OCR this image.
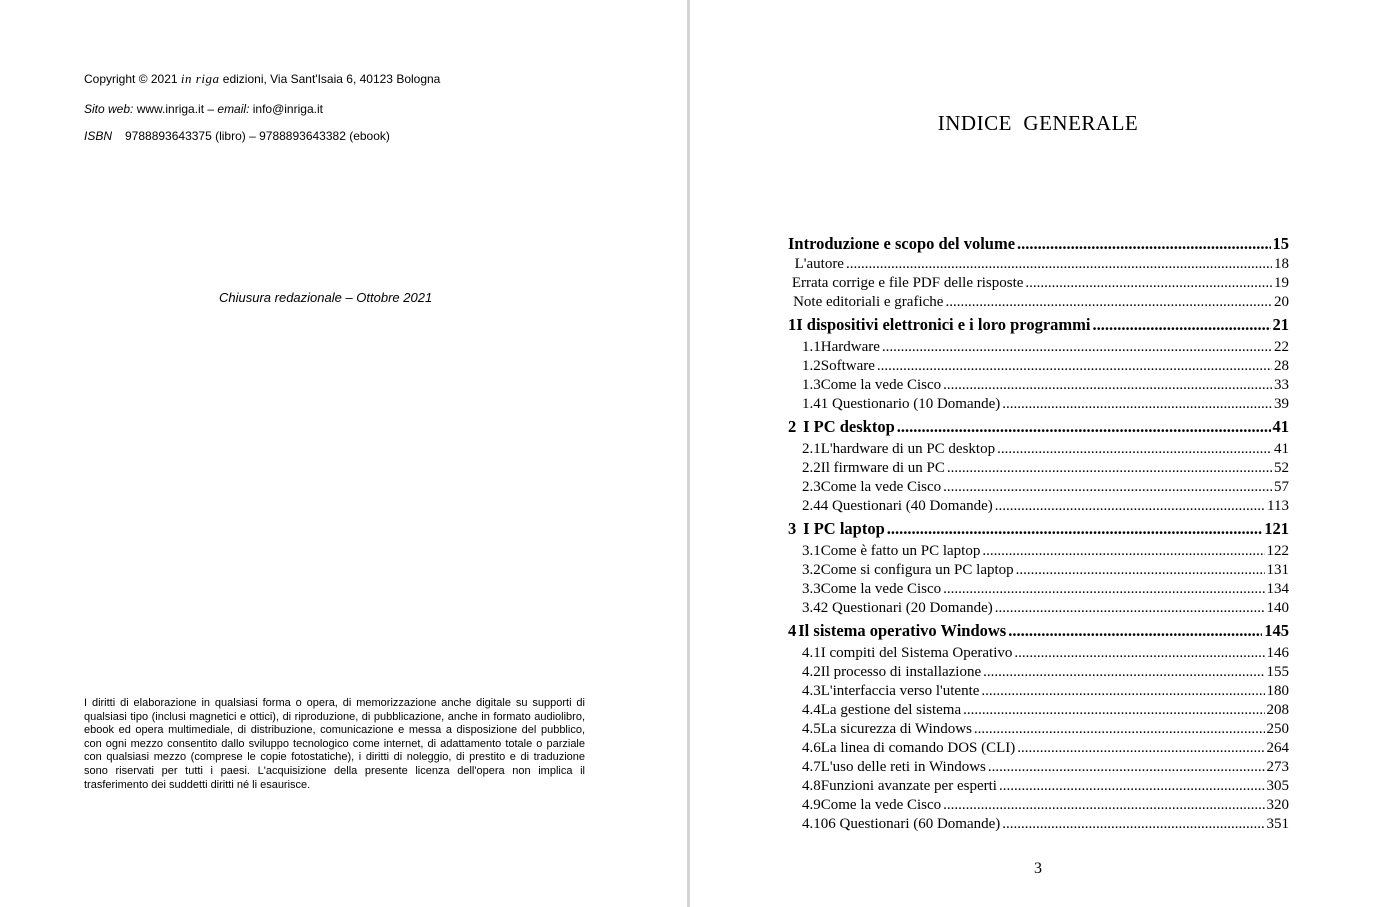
Copyright © 2021 in riga edizioni, Via Sant'Isaia 6, 40123 Bologna
Sito web: www.inriga.it – email: info@inriga.it
ISBN 9788893643375 (libro) – 9788893643382 (ebook)
Chiusura redazionale – Ottobre 2021
I diritti di elaborazione in qualsiasi forma o opera, di memorizzazione anche digitale su supporti di qualsiasi tipo (inclusi magnetici e ottici), di riproduzione, di pubblicazione, anche in formato audiolibro, ebook ed opera multimediale, di distribuzione, comunicazione e messa a disposizione del pubblico, con ogni mezzo consentito dallo sviluppo tecnologico come internet, di adattamento totale o parziale con qualsiasi mezzo (comprese le copie fotostatiche), i diritti di noleggio, di prestito e di traduzione sono riservati per tutti i paesi. L'acquisizione della presente licenza dell'opera non implica il trasferimento dei suddetti diritti né li esaurisce.
INDICE  GENERALE
Introduzione e scopo del volume .....	15
L'autore .....	18
Errata corrige e file PDF delle risposte .....	19
Note editoriali e grafiche .....	20
1 I dispositivi elettronici e i loro programmi .....	21
1.1 Hardware .....	22
1.2 Software .....	28
1.3 Come la vede Cisco .....	33
1.4 1 Questionario (10 Domande) .....	39
2 I PC desktop .....	41
2.1 L'hardware di un PC desktop .....	41
2.2 Il firmware di un PC .....	52
2.3 Come la vede Cisco .....	57
2.4 4 Questionari (40 Domande) .....	113
3 I PC laptop .....	121
3.1 Come è fatto un PC laptop .....	122
3.2 Come si configura un PC laptop .....	131
3.3 Come la vede Cisco .....	134
3.4 2 Questionari (20 Domande) .....	140
4 Il sistema operativo Windows .....	145
4.1 I compiti del Sistema Operativo .....	146
4.2 Il processo di installazione .....	155
4.3 L'interfaccia verso l'utente .....	180
4.4 La gestione del sistema .....	208
4.5 La sicurezza di Windows .....	250
4.6 La linea di comando DOS (CLI) .....	264
4.7 L'uso delle reti in Windows .....	273
4.8 Funzioni avanzate per esperti .....	305
4.9 Come la vede Cisco .....	320
4.10 6 Questionari (60 Domande) .....	351
3
